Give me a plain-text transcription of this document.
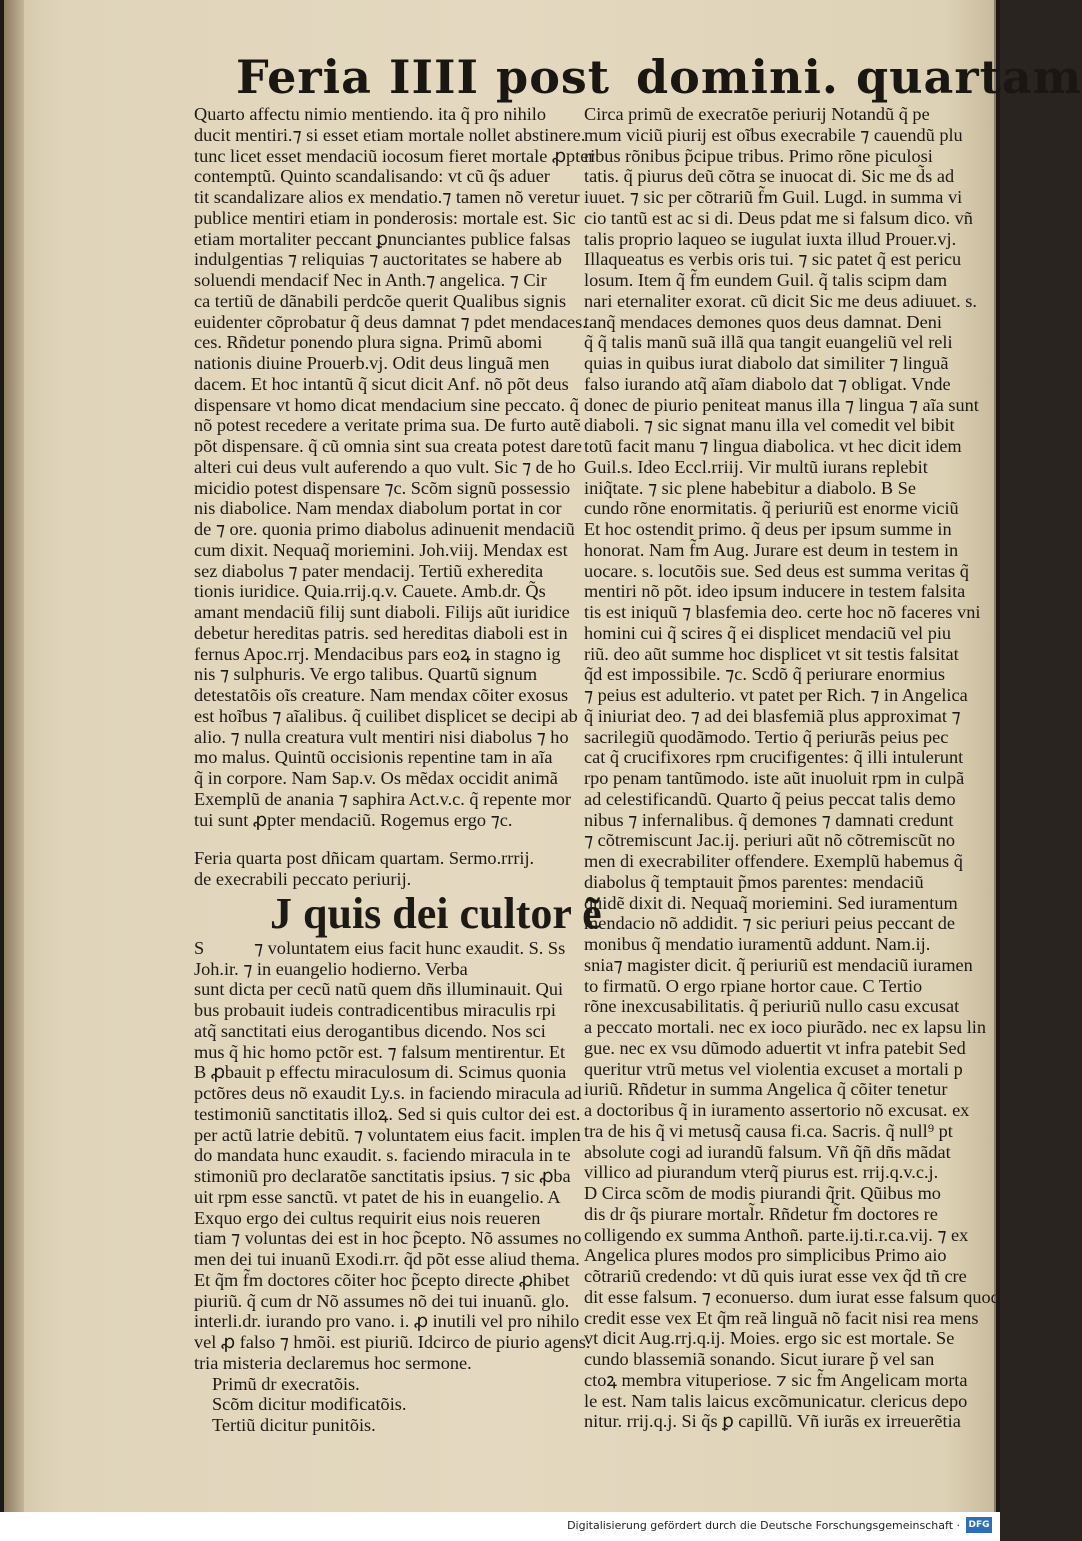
Feria IIII post domini. quartam
Quarto affectu nimio mentiendo. ita q̃ pro nihilo
ducit mentiri.⁊ si esset etiam mortale nollet abstinere.
tunc licet esset mendaciũ iocosum fieret mortale ꝓpter
contemptũ. Quinto scandalisando: vt cũ q̃s aduer
tit scandalizare alios ex mendatio.⁊ tamen nõ veretur
publice mentiri etiam in ponderosis: mortale est. Sic
etiam mortaliter peccant ꝑnunciantes publice falsas
indulgentias ⁊ reliquias ⁊ auctoritates se habere ab
soluendi mendacif Nec in Anth.⁊ angelica. ⁊ Cir
ca tertiũ de dãnabili perdcõe querit Qualibus signis
euidenter cõprobatur q̃ deus damnat ⁊ pdet mendaces.
ces. Rñdetur ponendo plura signa. Primũ abomi
nationis diuine Prouerb.vj. Odit deus linguã men
dacem. Et hoc intantũ q̃ sicut dicit Anf. nõ põt deus
dispensare vt homo dicat mendacium sine peccato. q̃
nõ potest recedere a veritate prima sua. De furto autẽ
põt dispensare. q̃ cũ omnia sint sua creata potest dare
alteri cui deus vult auferendo a quo vult. Sic ⁊ de ho
micidio potest dispensare ⁊c. Scõm signũ possessio
nis diabolice. Nam mendax diabolum portat in cor
de ⁊ ore. quonia primo diabolus adinuenit mendaciũ
cum dixit. Nequaq̃ moriemini. Joh.viij. Mendax est
sez diabolus ⁊ pater mendacij. Tertiũ exheredita
tionis iuridice. Quia.rrij.q.v. Cauete. Amb.dr. Q̃s
amant mendaciũ filij sunt diaboli. Filijs aũt iuridice
debetur hereditas patris. sed hereditas diaboli est in
fernus Apoc.rrj. Mendacibus pars eoꝝ in stagno ig
nis ⁊ sulphuris. Ve ergo talibus. Quartũ signum
detestatõis oĩs creature. Nam mendax cõiter exosus
est hoĩbus ⁊ aĩalibus. q̃ cuilibet displicet se decipi ab
alio. ⁊ nulla creatura vult mentiri nisi diabolus ⁊ ho
mo malus. Quintũ occisionis repentine tam in aĩa
q̃ in corpore. Nam Sap.v. Os mẽdax occidit animã
Exemplũ de anania ⁊ saphira Act.v.c. q̃ repente mor
tui sunt ꝓpter mendaciũ. Rogemus ergo ⁊c.
Feria quarta post dñicam quartam. Sermo.rrrij.
de execrabili peccato periurij.
J quis dei cultor ẽ
S	⁊ voluntatem eius facit hunc exaudit. S. Ss
Joh.ir. ⁊ in euangelio hodierno. Verba
sunt dicta per cecũ natũ quem dñs illuminauit. Qui
bus probauit iudeis contradicentibus miraculis rpi
atq̃ sanctitati eius derogantibus dicendo. Nos sci
mus q̃ hic homo pctõr est. ⁊ falsum mentirentur. Et
B ꝓbauit p effectu miraculosum di. Scimus quonia
pctõres deus nõ exaudit Ly.s. in faciendo miracula ad
testimoniũ sanctitatis illoꝝ. Sed si quis cultor dei est.
per actũ latrie debitũ. ⁊ voluntatem eius facit. implen
do mandata hunc exaudit. s. faciendo miracula in te
stimoniũ pro declaratõe sanctitatis ipsius. ⁊ sic ꝓba
uit rpm esse sanctũ. vt patet de his in euangelio. A
Exquo ergo dei cultus requirit eius nois reueren
tiam ⁊ voluntas dei est in hoc p̃cepto. Nõ assumes no
men dei tui inuanũ Exodi.rr. q̃d põt esse aliud thema.
Et q̃m f̃m doctores cõiter hoc p̃cepto directe ꝓhibet
piuriũ. q̃ cum dr Nõ assumes nõ dei tui inuanũ. glo.
interli.dr. iurando pro vano. i. ꝓ inutili vel pro nihilo
vel ꝓ falso ⁊ hmõi. est piuriũ. Idcirco de piurio agens.
tria misteria declaremus hoc sermone.
Primũ dr execratõis.
Scõm dicitur modificatõis.
Tertiũ dicitur punitõis.
Circa primũ de execratõe periurij Notandũ q̃ pe
mum viciũ piurij est oĩbus execrabile ⁊ cauendũ plu
ribus rõnibus p̃cipue tribus. Primo rõne piculosi
tatis. q̃ piurus deũ cõtra se inuocat di. Sic me d̃s ad
iuuet. ⁊ sic per cõtrariũ f̃m Guil. Lugd. in summa vi
cio tantũ est ac si di. Deus pdat me si falsum dico. vñ
talis proprio laqueo se iugulat iuxta illud Prouer.vj.
Illaqueatus es verbis oris tui. ⁊ sic patet q̃ est pericu
losum. Item q̃ f̃m eundem Guil. q̃ talis scipm dam
nari eternaliter exorat. cũ dicit Sic me deus adiuuet. s.
tanq̃ mendaces demones quos deus damnat. Deni
q̃ q̃ talis manũ suã illã qua tangit euangeliũ vel reli
quias in quibus iurat diabolo dat similiter ⁊ linguã
falso iurando atq̃ aĩam diabolo dat ⁊ obligat. Vnde
donec de piurio peniteat manus illa ⁊ lingua ⁊ aĩa sunt
diaboli. ⁊ sic signat manu illa vel comedit vel bibit
totũ facit manu ⁊ lingua diabolica. vt hec dicit idem
Guil.s. Ideo Eccl.rriij. Vir multũ iurans replebit
iniq̃tate. ⁊ sic plene habebitur a diabolo. B Se
cundo rõne enormitatis. q̃ periuriũ est enorme viciũ
Et hoc ostendit primo. q̃ deus per ipsum summe in
honorat. Nam f̃m Aug. Jurare est deum in testem in
uocare. s. locutõis sue. Sed deus est summa veritas q̃
mentiri nõ põt. ideo ipsum inducere in testem falsita
tis est iniquũ ⁊ blasfemia deo. certe hoc nõ faceres vni
homini cui q̃ scires q̃ ei displicet mendaciũ vel piu
riũ. deo aũt summe hoc displicet vt sit testis falsitat
q̃d est impossibile. ⁊c. Scdõ q̃ periurare enormius
⁊ peius est adulterio. vt patet per Rich. ⁊ in Angelica
q̃ iniuriat deo. ⁊ ad dei blasfemiã plus approximat ⁊
sacrilegiũ quodãmodo. Tertio q̃ periurãs peius pec
cat q̃ crucifixores rpm crucifigentes: q̃ illi intulerunt
rpo penam tantũmodo. iste aũt inuoluit rpm in culpã
ad celestificandũ. Quarto q̃ peius peccat talis demo
nibus ⁊ infernalibus. q̃ demones ⁊ damnati credunt
⁊ cõtremiscunt Jac.ij. periuri aũt nõ cõtremiscũt no
men di execrabiliter offendere. Exemplũ habemus q̃
diabolus q̃ temptauit p̃mos parentes: mendaciũ
quidẽ dixit di. Nequaq̃ moriemini. Sed iuramentum
mendacio nõ addidit. ⁊ sic periuri peius peccant de
monibus q̃ mendatio iuramentũ addunt. Nam.ij.
snia⁊ magister dicit. q̃ periuriũ est mendaciũ iuramen
to firmatũ. O ergo rpiane hortor caue. C Tertio
rõne inexcusabilitatis. q̃ periuriũ nullo casu excusat
a peccato mortali. nec ex ioco piurãdo. nec ex lapsu lin
gue. nec ex vsu dũmodo aduertit vt infra patebit Sed
queritur vtrũ metus vel violentia excuset a mortali p
iuriũ. Rñdetur in summa Angelica q̃ cõiter tenetur
a doctoribus q̃ in iuramento assertorio nõ excusat. ex
tra de his q̃ vi metusq̃ causa fi.ca. Sacris. q̃ null⁹ pt
absolute cogi ad iurandũ falsum. Vñ q̃ñ dñs mãdat
villico ad piurandum vterq̃ piurus est. rrij.q.v.c.j.
D Circa scõm de modis piurandi q̃rit. Qũibus mo
dis dr q̃s piurare mortal̃r. Rñdetur f̃m doctores re
colligendo ex summa Anthoñ. parte.ij.ti.r.ca.vij. ⁊ ex
Angelica plures modos pro simplicibus Primo aio
cõtrariũ credendo: vt dũ quis iurat esse vex q̃d tñ cre
dit esse falsum. ⁊ econuerso. dum iurat esse falsum quod
credit esse vex Et q̃m reã linguã nõ facit nisi rea mens
vt dicit Aug.rrj.q.ij. Moies. ergo sic est mortale. Se
cundo blassemiã sonando. Sicut iurare p̃ vel san
ctoꝝ membra vituperiose. ⁊ sic f̃m Angelicam morta
le est. Nam talis laicus excõmunicatur. clericus depo
nitur. rrij.q.j. Si q̃s ꝑ capillũ. Vñ iurãs ex irreuerẽtia
Digitalisierung gefördert durch die Deutsche Forschungsgemeinschaft · DFG
